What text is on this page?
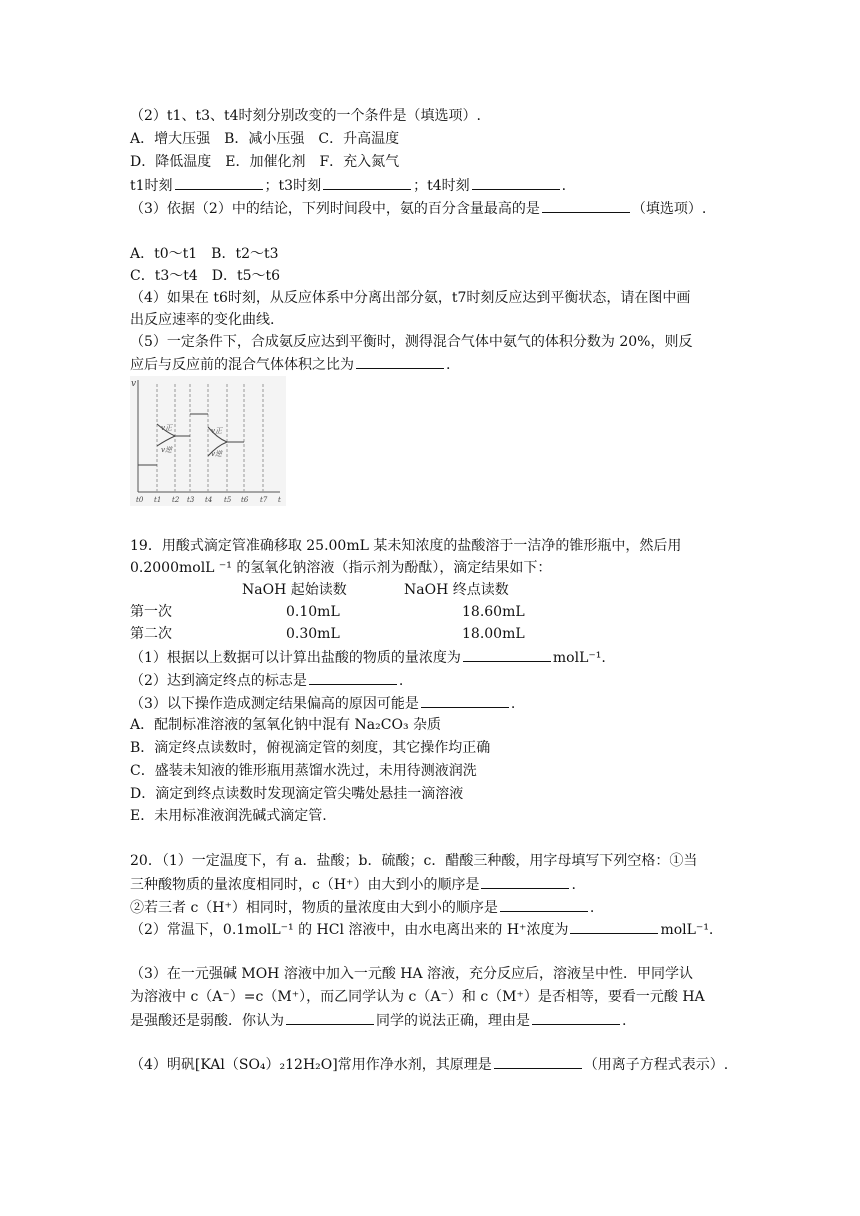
（2）t1、t3、t4时刻分别改变的一个条件是（填选项）.
A．增大压强　B．减小压强　C．升高温度
D．降低温度　E．加催化剂　F．充入氮气
t1时刻	；t3时刻	；t4时刻	.
（3）依据（2）中的结论，下列时间段中，氨的百分含量最高的是	（填选项）.
A．t0～t1　B．t2～t3
C．t3～t4　D．t5～t6
（4）如果在 t6时刻，从反应体系中分离出部分氨，t7时刻反应达到平衡状态，请在图中画
出反应速率的变化曲线.
（5）一定条件下，合成氨反应达到平衡时，测得混合气体中氨气的体积分数为 20%，则反
应后与反应前的混合气体体积之比为	.
v
v正
v逆
v正
v逆
t0 t1 t2 t3 t4 t5 t6 t7 t
19．用酸式滴定管准确移取 25.00mL 某未知浓度的盐酸溶于一洁净的锥形瓶中，然后用
0.2000molL ⁻¹ 的氢氧化钠溶液（指示剂为酚酞），滴定结果如下：
NaOH 起始读数	NaOH 终点读数
第一次	0.10mL	18.60mL
第二次	0.30mL	18.00mL
（1）根据以上数据可以计算出盐酸的物质的量浓度为	molL⁻¹.
（2）达到滴定终点的标志是	.
（3）以下操作造成测定结果偏高的原因可能是	.
A．配制标准溶液的氢氧化钠中混有 Na₂CO₃ 杂质
B．滴定终点读数时，俯视滴定管的刻度，其它操作均正确
C．盛装未知液的锥形瓶用蒸馏水洗过，未用待测液润洗
D．滴定到终点读数时发现滴定管尖嘴处悬挂一滴溶液
E．未用标准液润洗碱式滴定管.
20．（1）一定温度下，有 a．盐酸；b．硫酸；c．醋酸三种酸，用字母填写下列空格：①当
三种酸物质的量浓度相同时，c（H⁺）由大到小的顺序是	.
②若三者 c（H⁺）相同时，物质的量浓度由大到小的顺序是	.
（2）常温下，0.1molL⁻¹ 的 HCl 溶液中，由水电离出来的 H⁺浓度为	molL⁻¹.
（3）在一元强碱 MOH 溶液中加入一元酸 HA 溶液，充分反应后，溶液呈中性．甲同学认
为溶液中 c（A⁻）=c（M⁺），而乙同学认为 c（A⁻）和 c（M⁺）是否相等，要看一元酸 HA
是强酸还是弱酸．你认为	同学的说法正确，理由是	.
（4）明矾[KAl（SO₄）₂12H₂O]常用作净水剂，其原理是	（用离子方程式表示）.
